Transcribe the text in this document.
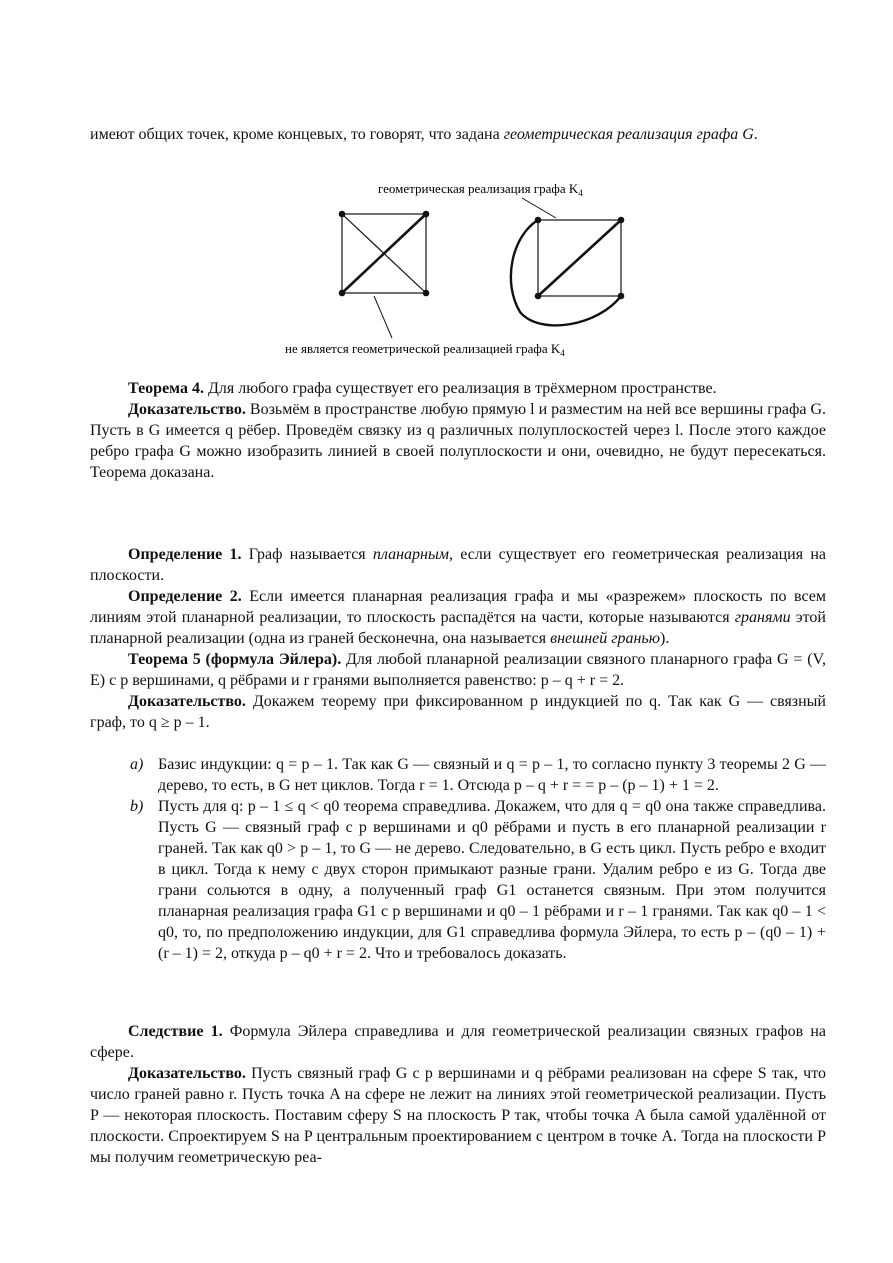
имеют общих точек, кроме концевых, то говорят, что задана геометрическая реализация графа G.

геометрическая реализация графа $K_4$
не является геометрической реализацией графа $K_4$

Теорема 4. Для любого графа существует его реализация в трёхмерном пространстве.

Доказательство. Возьмём в пространстве любую прямую l и разместим на ней все вершины графа G. Пусть в G имеется q рёбер. Проведём связку из q различных полуплоскостей через l. После этого каждое ребро графа G можно изобразить линией в своей полуплоскости и они, очевидно, не будут пересекаться. Теорема доказана.

Определение 1. Граф называется планарным, если существует его геометрическая реализация на плоскости.

Определение 2. Если имеется планарная реализация графа и мы «разрежем» плоскость по всем линиям этой планарной реализации, то плоскость распадётся на части, которые называются гранями этой планарной реализации (одна из граней бесконечна, она называется внешней гранью).

Теорема 5 (формула Эйлера). Для любой планарной реализации связного планарного графа G = (V, E) с p вершинами, q рёбрами и r гранями выполняется равенство: p – q + r = 2.

Доказательство. Докажем теорему при фиксированном p индукцией по q. Так как G — связный граф, то q ≥ p – 1.

a) Базис индукции: q = p – 1. Так как G — связный и q = p – 1, то согласно пункту 3 теоремы 2 G — дерево, то есть, в G нет циклов. Тогда r = 1. Отсюда p – q + r = = p – (p – 1) + 1 = 2.

b) Пусть для q: p – 1 ≤ q < q0 теорема справедлива. Докажем, что для q = q0 она также справедлива. Пусть G — связный граф с p вершинами и q0 рёбрами и пусть в его планарной реализации r граней. Так как q0 > p – 1, то G — не дерево. Следовательно, в G есть цикл. Пусть ребро e входит в цикл. Тогда к нему с двух сторон примыкают разные грани. Удалим ребро e из G. Тогда две грани сольются в одну, а полученный граф G1 останется связным. При этом получится планарная реализация графа G1 с p вершинами и q0 – 1 рёбрами и r – 1 гранями. Так как q0 – 1 < q0, то, по предположению индукции, для G1 справедлива формула Эйлера, то есть p – (q0 – 1) + (r – 1) = 2, откуда p – q0 + r = 2. Что и требовалось доказать.

Следствие 1. Формула Эйлера справедлива и для геометрической реализации связных графов на сфере.

Доказательство. Пусть связный граф G с p вершинами и q рёбрами реализован на сфере S так, что число граней равно r. Пусть точка A на сфере не лежит на линиях этой геометрической реализации. Пусть P — некоторая плоскость. Поставим сферу S на плоскость P так, чтобы точка A была самой удалённой от плоскости. Спроектируем S на P центральным проектированием с центром в точке A. Тогда на плоскости P мы получим геометрическую реа-
